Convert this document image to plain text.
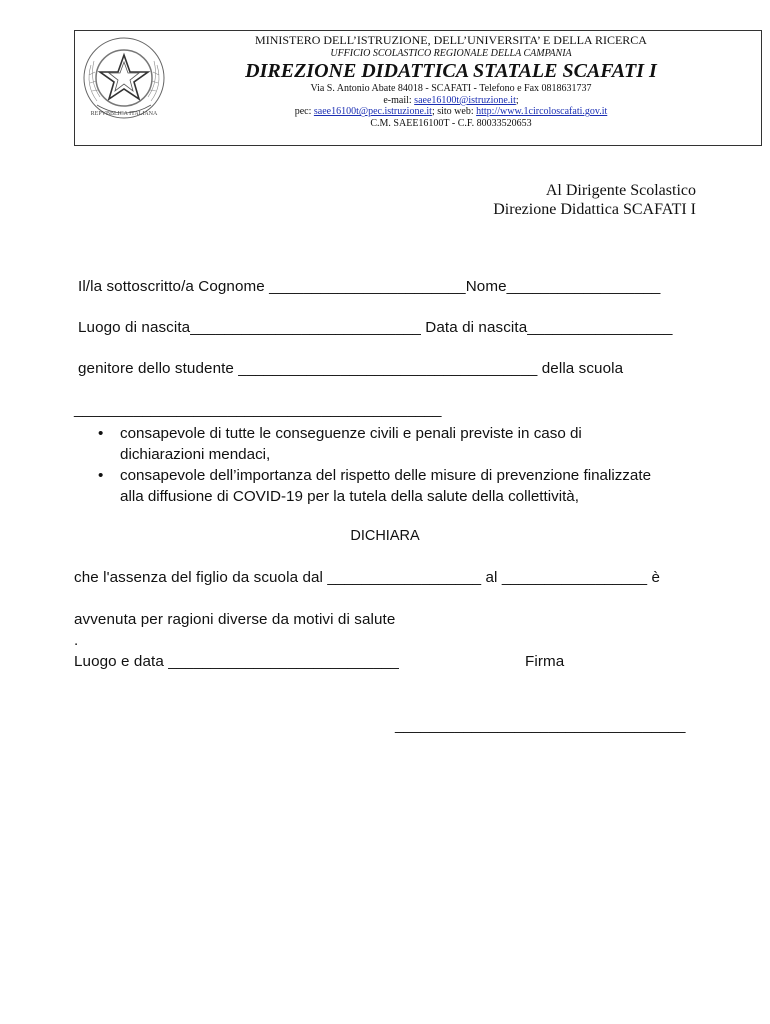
REPVBBLICA ITALIANA
MINISTERO DELL’ISTRUZIONE, DELL’UNIVERSITA’ E DELLA RICERCA
UFFICIO SCOLASTICO REGIONALE DELLA CAMPANIA
DIREZIONE DIDATTICA STATALE SCAFATI I
Via S. Antonio Abate 84018 - SCAFATI - Telefono e Fax 0818631737
e-mail: saee16100t@istruzione.it;
pec: saee16100t@pec.istruzione.it; sito web: http://www.1circoloscafati.gov.it
C.M. SAEE16100T - C.F. 80033520653
Al Dirigente Scolastico
Direzione Didattica SCAFATI I
Il/la sottoscritto/a Cognome _______________________Nome__________________
Luogo di nascita___________________________ Data di nascita_________________
genitore dello studente ___________________________________ della scuola
___________________________________________
• consapevole di tutte le conseguenze civili e penali previste in caso di dichiarazioni mendaci,
• consapevole dell’importanza del rispetto delle misure di prevenzione finalizzate alla diffusione di COVID-19 per la tutela della salute della collettività,
DICHIARA
che l'assenza del figlio da scuola dal __________________ al _________________ è
avvenuta per ragioni diverse da motivi di salute
.
Luogo e data ___________________________	Firma
__________________________________
